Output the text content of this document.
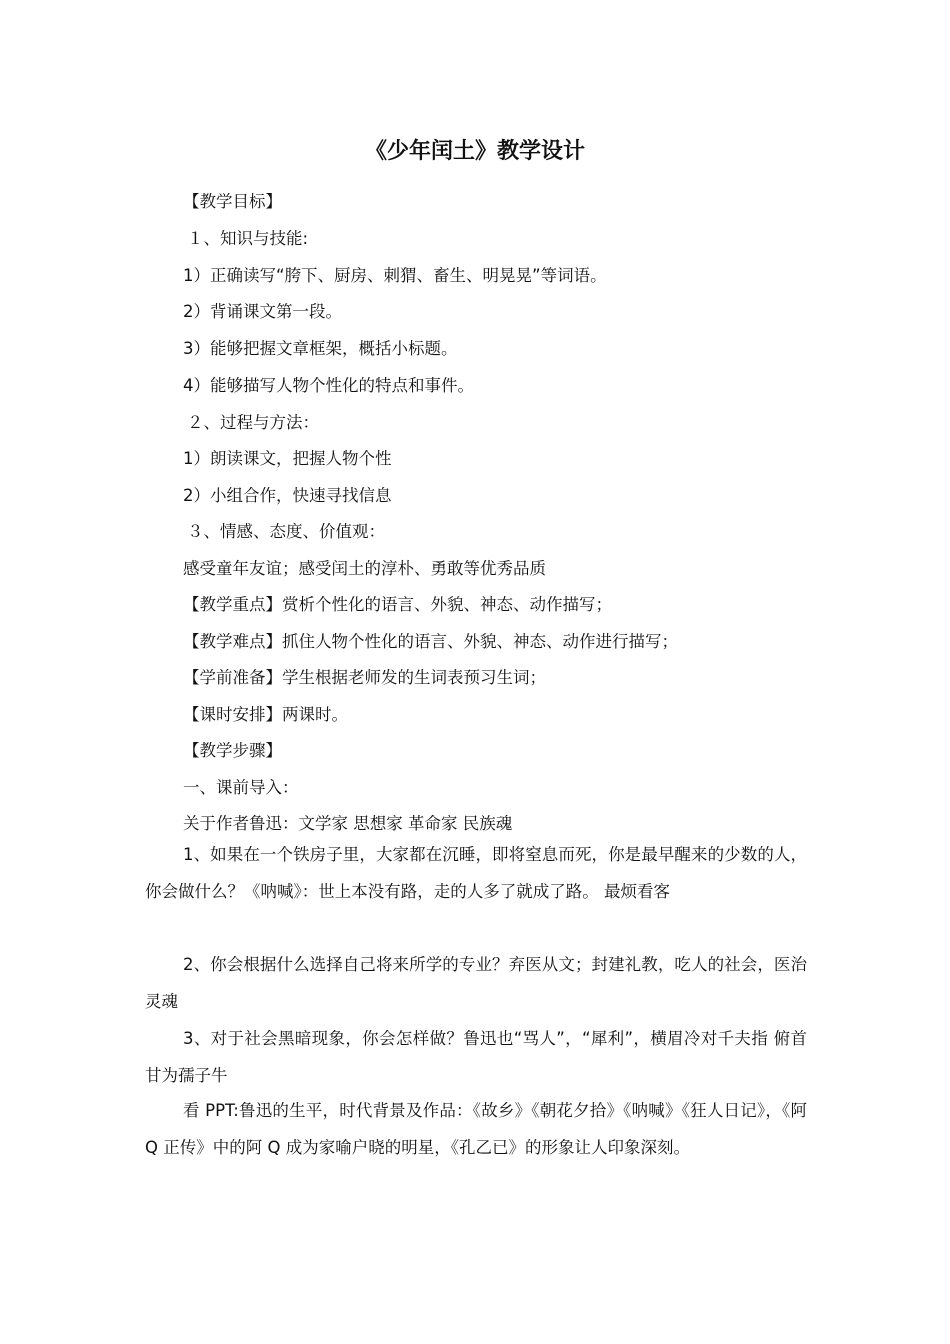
《少年闰土》教学设计
【教学目标】
１、知识与技能:
1）正确读写“胯下、厨房、刺猬、畜生、明晃晃”等词语。
2）背诵课文第一段。
3）能够把握文章框架，概括小标题。
4）能够描写人物个性化的特点和事件。
２、过程与方法：
1）朗读课文，把握人物个性
2）小组合作，快速寻找信息
３、情感、态度、价值观：
感受童年友谊；感受闰土的淳朴、勇敢等优秀品质
【教学重点】赏析个性化的语言、外貌、神态、动作描写；
【教学难点】抓住人物个性化的语言、外貌、神态、动作进行描写；
【学前准备】学生根据老师发的生词表预习生词；
【课时安排】两课时。
【教学步骤】
一、课前导入：
关于作者鲁迅：文学家 思想家 革命家 民族魂
1、如果在一个铁房子里，大家都在沉睡，即将窒息而死，你是最早醒来的少数的人，你会做什么？《呐喊》：世上本没有路，走的人多了就成了路。 最烦看客
2、你会根据什么选择自己将来所学的专业？弃医从文；封建礼教，吃人的社会，医治灵魂
3、对于社会黑暗现象，你会怎样做？鲁迅也“骂人”，“犀利”，横眉冷对千夫指 俯首甘为孺子牛
看 PPT:鲁迅的生平，时代背景及作品：《故乡》《朝花夕拾》《呐喊》《狂人日记》，《阿 Q 正传》中的阿 Q 成为家喻户晓的明星，《孔乙已》的形象让人印象深刻。
